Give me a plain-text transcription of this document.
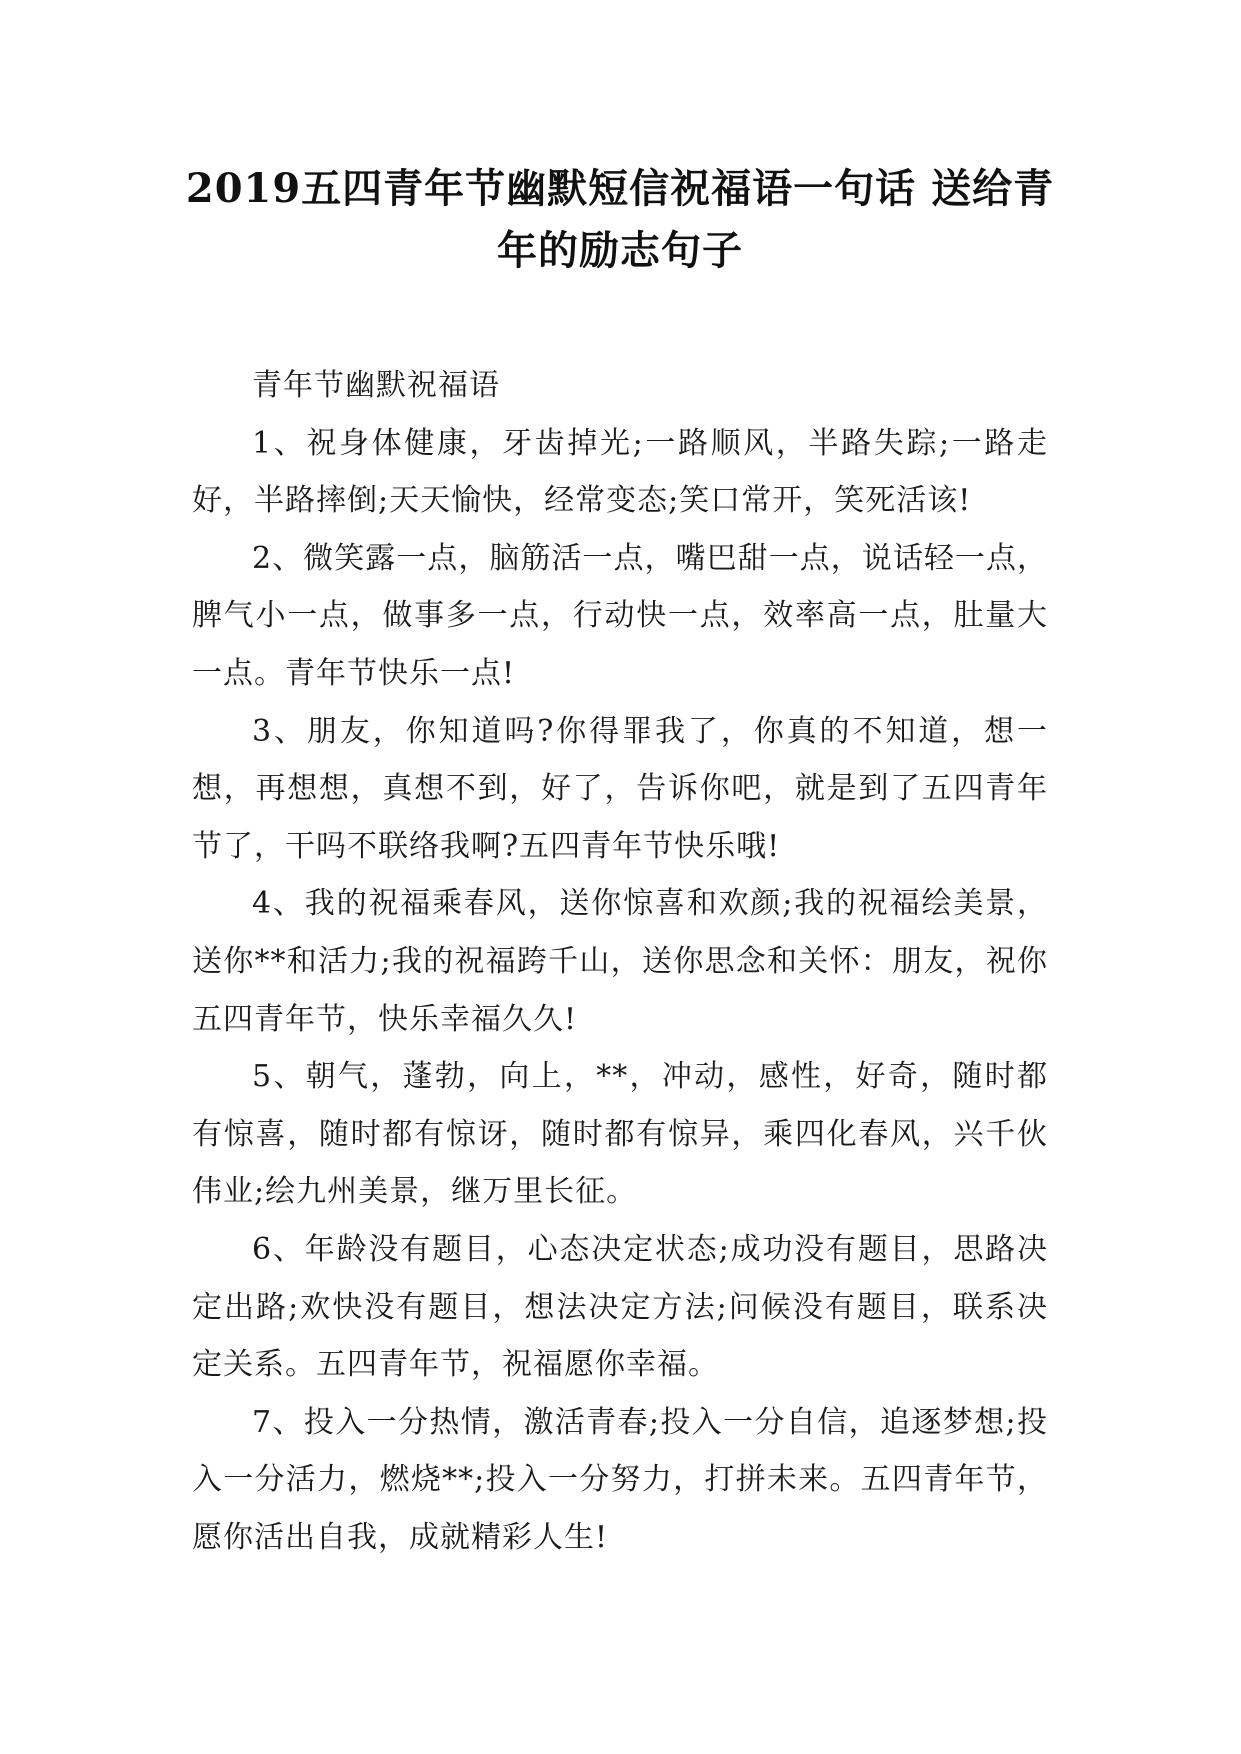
2019五四青年节幽默短信祝福语一句话 送给青年的励志句子

青年节幽默祝福语

1、祝身体健康，牙齿掉光;一路顺风，半路失踪;一路走好，半路摔倒;天天愉快，经常变态;笑口常开，笑死活该!

2、微笑露一点，脑筋活一点，嘴巴甜一点，说话轻一点，脾气小一点，做事多一点，行动快一点，效率高一点，肚量大一点。青年节快乐一点!

3、朋友，你知道吗?你得罪我了，你真的不知道，想一想，再想想，真想不到，好了，告诉你吧，就是到了五四青年节了，干吗不联络我啊?五四青年节快乐哦!

4、我的祝福乘春风，送你惊喜和欢颜;我的祝福绘美景，送你**和活力;我的祝福跨千山，送你思念和关怀：朋友，祝你五四青年节，快乐幸福久久!

5、朝气，蓬勃，向上，**，冲动，感性，好奇，随时都有惊喜，随时都有惊讶，随时都有惊异，乘四化春风，兴千伙伟业;绘九州美景，继万里长征。

6、年龄没有题目，心态决定状态;成功没有题目，思路决定出路;欢快没有题目，想法决定方法;问候没有题目，联系决定关系。五四青年节，祝福愿你幸福。

7、投入一分热情，激活青春;投入一分自信，追逐梦想;投入一分活力，燃烧**;投入一分努力，打拼未来。五四青年节，愿你活出自我，成就精彩人生!
